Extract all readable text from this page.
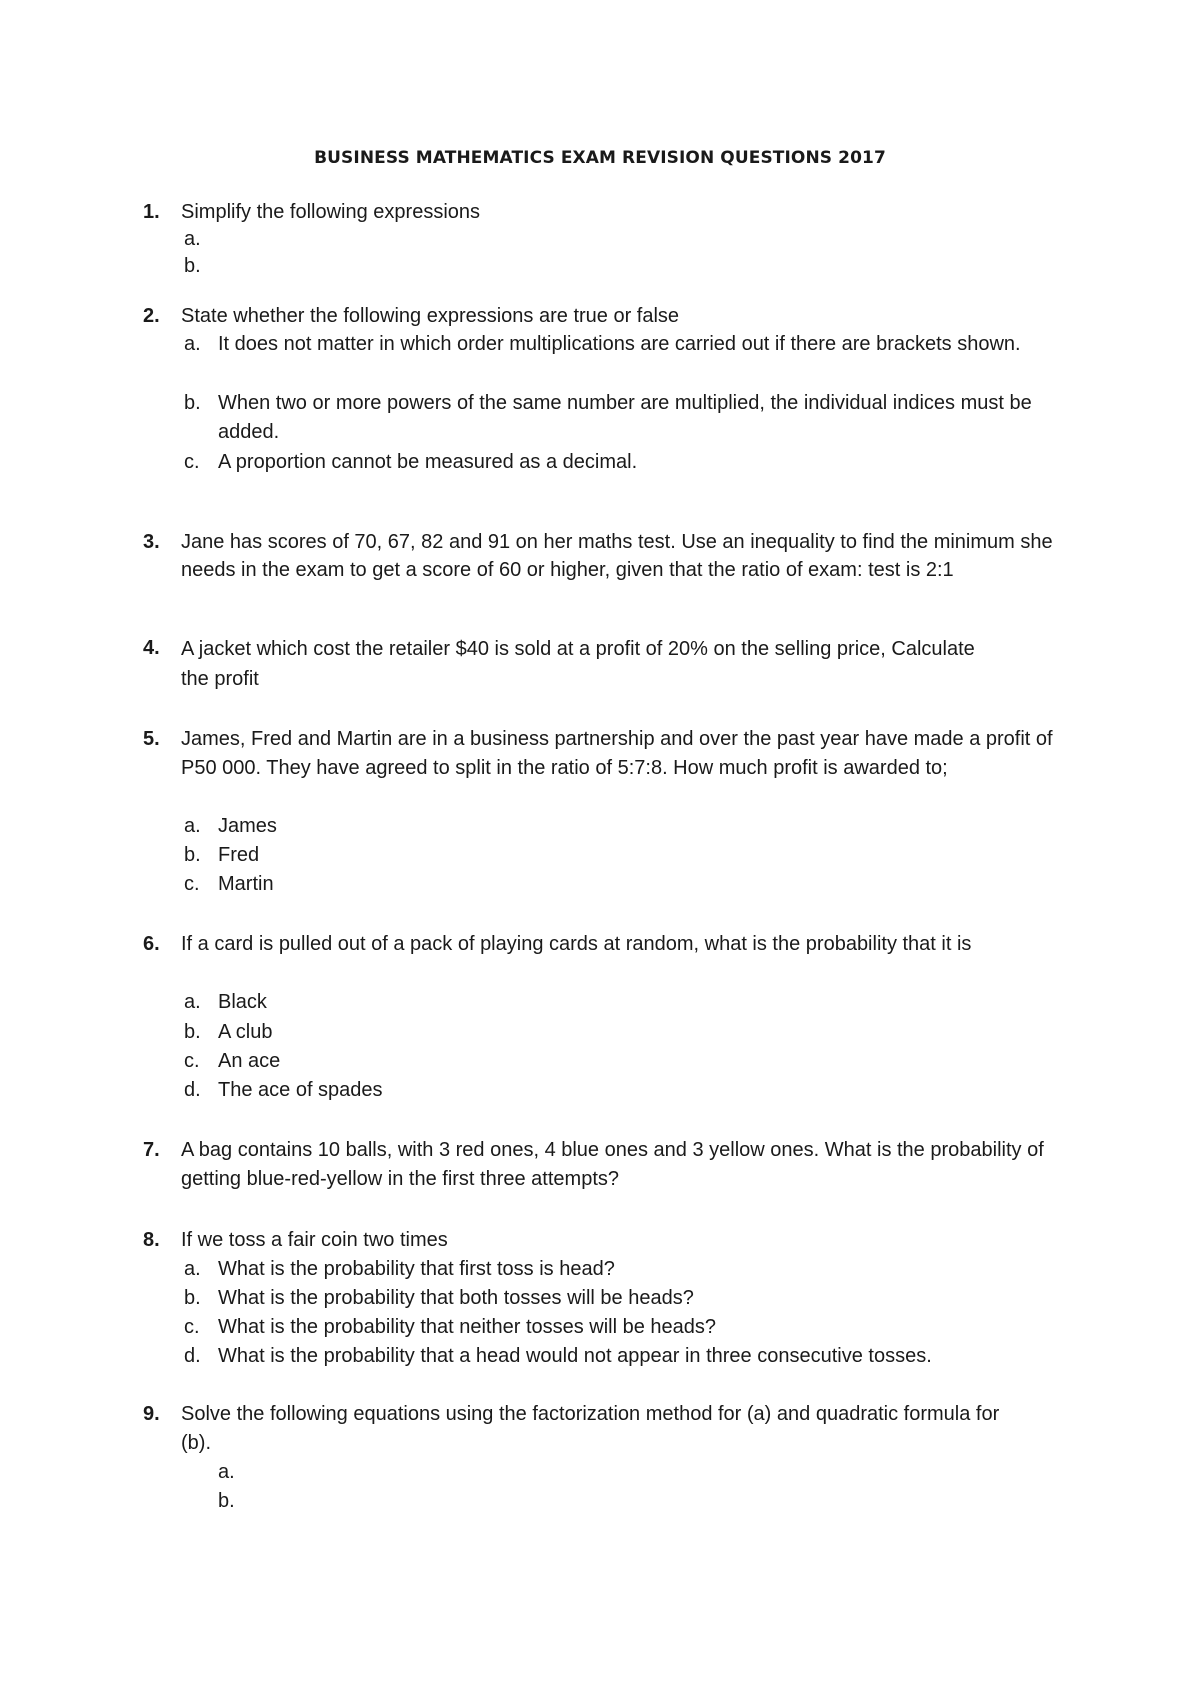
BUSINESS MATHEMATICS EXAM REVISION QUESTIONS 2017
1.	Simplify the following expressions
a.
b.
2.	State whether the following expressions are true or false
a. It does not matter in which order multiplications are carried out if there are brackets shown.
b. When two or more powers of the same number are multiplied, the individual indices must be added.
c. A proportion cannot be measured as a decimal.
3.	Jane has scores of 70, 67, 82 and 91 on her maths test. Use an inequality to find the minimum she needs in the exam to get a score of 60 or higher, given that the ratio of exam: test is 2:1
4.	A jacket which cost the retailer $40 is sold at a profit of 20% on the selling price, Calculate the profit
5.	James, Fred and Martin are in a business partnership and over the past year have made a profit of P50 000. They have agreed to split in the ratio of 5:7:8. How much profit is awarded to;
a. James
b. Fred
c. Martin
6.	If a card is pulled out of a pack of playing cards at random, what is the probability that it is
a. Black
b. A club
c. An ace
d. The ace of spades
7.	A bag contains 10 balls, with 3 red ones, 4 blue ones and 3 yellow ones. What is the probability of getting blue-red-yellow in the first three attempts?
8.	If we toss a fair coin two times
a. What is the probability that first toss is head?
b. What is the probability that both tosses will be heads?
c. What is the probability that neither tosses will be heads?
d. What is the probability that a head would not appear in three consecutive tosses.
9.	Solve the following equations using the factorization method for (a) and quadratic formula for (b).
a.
b.
